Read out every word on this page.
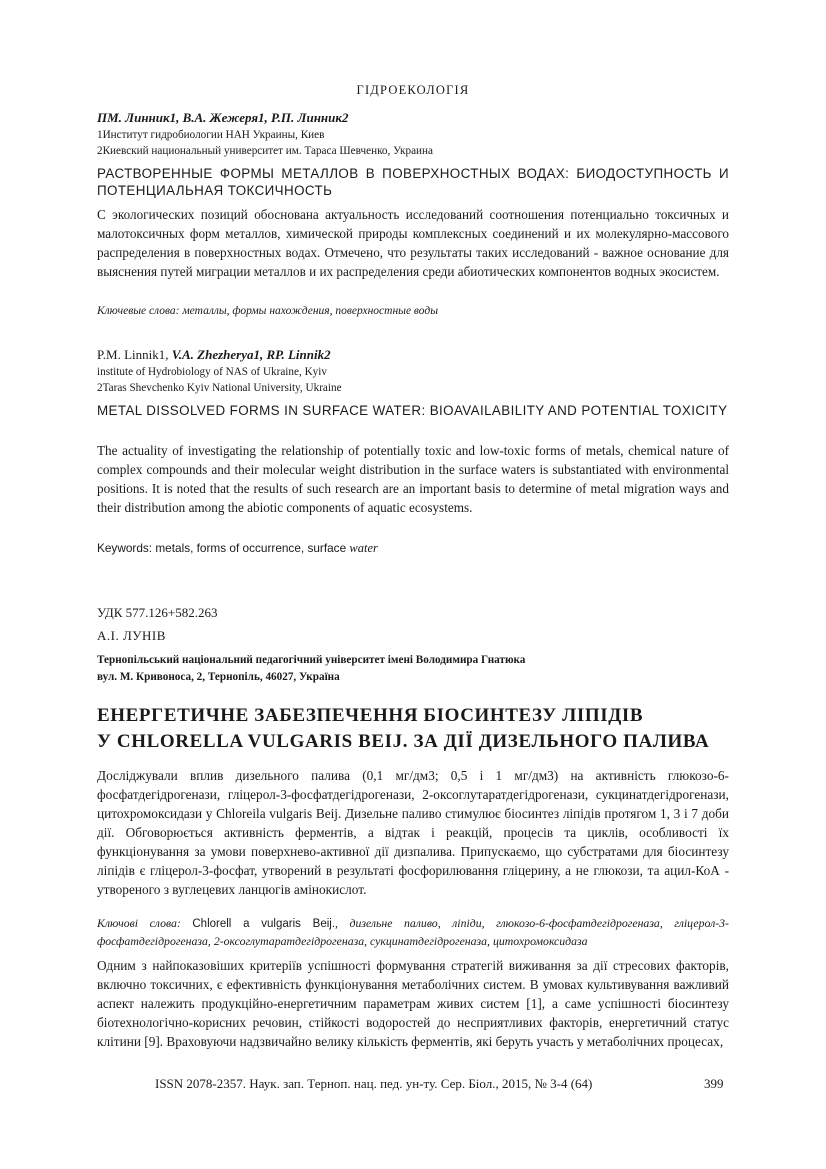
ГІДРОЕКОЛОГІЯ
ПМ. Линник1, В.А. Жежеря1, Р.П. Линник2
1Институт гидробиологии НАН Украины, Киев
2Киевский национальный университет им. Тараса Шевченко, Украина
РАСТВОРЕННЫЕ ФОРМЫ МЕТАЛЛОВ В ПОВЕРХНОСТНЫХ ВОДАХ: БИОДОСТУПНОСТЬ И ПОТЕНЦИАЛЬНАЯ ТОКСИЧНОСТЬ
С экологических позиций обоснована актуальность исследований соотношения потенциально токсичных и малотоксичных форм металлов, химической природы комплексных соединений и их молекулярно-массового распределения в поверхностных водах. Отмечено, что результаты таких исследований - важное основание для выяснения путей миграции металлов и их распределения среди абиотических компонентов водных экосистем.
Ключевые слова: металлы, формы нахождения, поверхностные воды
P.M. Linnik1, V.A. Zhezherya1, RP. Linnik2
institute of Hydrobiology of NAS of Ukraine, Kyiv
2Taras Shevchenko Kyiv National University, Ukraine
METAL DISSOLVED FORMS IN SURFACE WATER: BIOAVAILABILITY AND POTENTIAL TOXICITY
The actuality of investigating the relationship of potentially toxic and low-toxic forms of metals, chemical nature of complex compounds and their molecular weight distribution in the surface waters is substantiated with environmental positions. It is noted that the results of such research are an important basis to determine of metal migration ways and their distribution among the abiotic components of aquatic ecosystems.
Keywords: metals, forms of occurrence, surface water
УДК 577.126+582.263
А.І. ЛУНІВ
Тернопільський національний педагогічний університет імені Володимира Гнатюка
вул. М. Кривоноса, 2, Тернопіль, 46027, Україна
ЕНЕРГЕТИЧНЕ ЗАБЕЗПЕЧЕННЯ БІОСИНТЕЗУ ЛІПІДІВ
У CHLORELLA VULGARIS BEIJ. ЗА ДІЇ ДИЗЕЛЬНОГО ПАЛИВА
Досліджували вплив дизельного палива (0,1 мг/дм3; 0,5 і 1 мг/дм3) на активність глюкозо-6-фосфатдегідрогенази, гліцерол-3-фосфатдегідрогенази, 2-оксоглутаратдегідрогенази, сукцинатдегідрогенази, цитохромоксидази у Chloreila vulgaris Beij. Дизельне паливо стимулює біосинтез ліпідів протягом 1, 3 і 7 доби дії. Обговорюється активність ферментів, а відтак і реакцій, процесів та циклів, особливості їх функціонування за умови поверхнево-активної дії дизпалива. Припускаємо, що субстратами для біосинтезу ліпідів є гліцерол-3-фосфат, утворений в результаті фосфорилювання гліцерину, а не глюкози, та ацил-КоА - утвореного з вуглецевих ланцюгів амінокислот.
Ключові слова: Chlorell a vulgaris Beij., дизельне паливо, ліпіди, глюкозо-6-фосфатдегідрогеназа, гліцерол-3-фосфатдегідрогеназа, 2-оксоглутаратдегідрогеназа, сукцинатдегідрогеназа, цитохромоксидаза
Одним з найпоказовіших критеріїв успішності формування стратегій виживання за дії стресових факторів, включно токсичних, є ефективність функціонування метаболічних систем. В умовах культивування важливий аспект належить продукційно-енергетичним параметрам живих систем [1], а саме успішності біосинтезу біотехнологічно-корисних речовин, стійкості водоростей до несприятливих факторів, енергетичний статус клітини [9]. Враховуючи надзвичайно велику кількість ферментів, які беруть участь у метаболічних процесах,
ISSN 2078-2357. Наук. зап. Терноп. нац. пед. ун-ту. Сер. Біол., 2015, № 3-4 (64)	399
